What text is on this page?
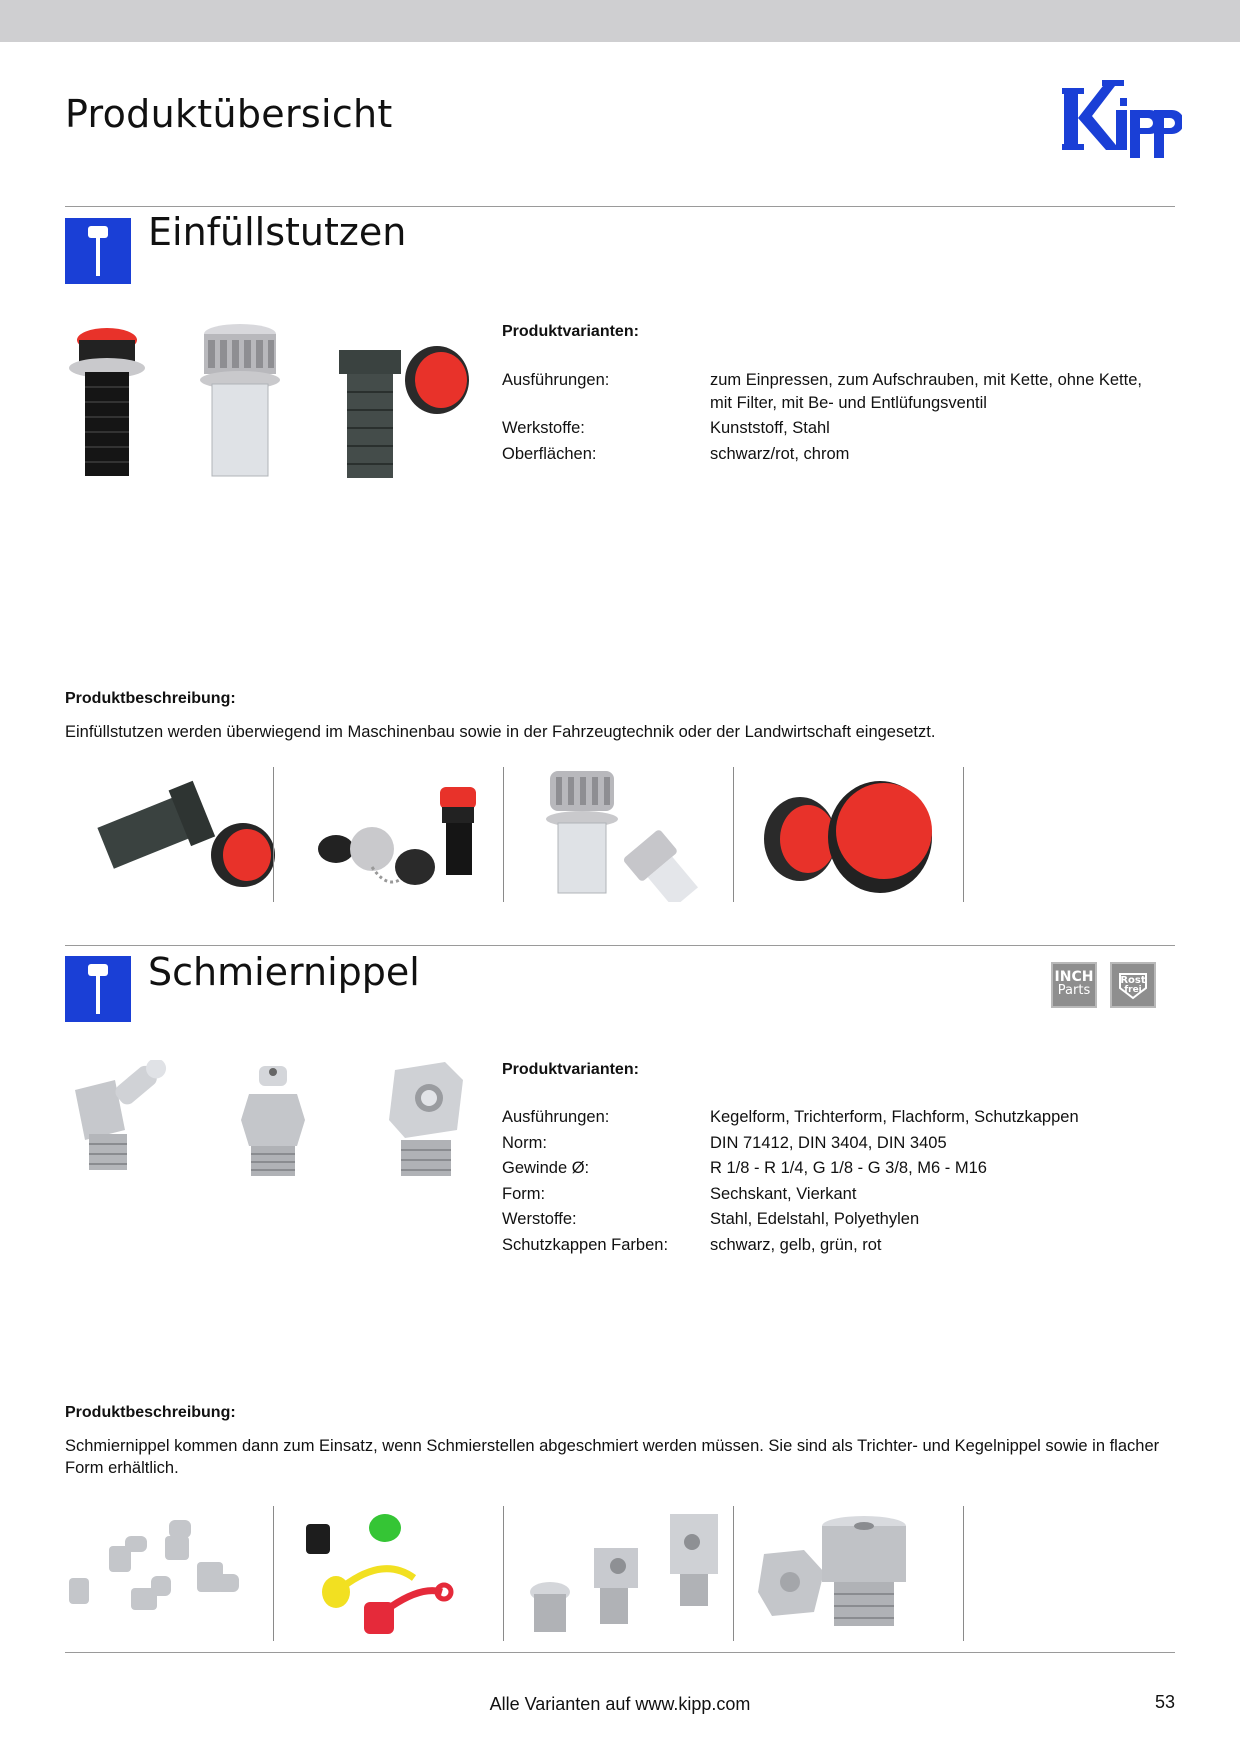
Produktübersicht
Einfüllstutzen
Produktvarianten:
Ausführungen:	zum Einpressen, zum Aufschrauben, mit Kette, ohne Kette, mit Filter, mit Be- und Entlüfungsventil
Werkstoffe:	Kunststoff, Stahl
Oberflächen:	schwarz/rot, chrom
Produktbeschreibung:
Einfüllstutzen werden überwiegend im Maschinenbau sowie in der Fahrzeugtechnik oder der Landwirtschaft eingesetzt.
Schmiernippel	INCH
Parts
Rost
frei
Produktvarianten:
Ausführungen:	Kegelform, Trichterform, Flachform, Schutzkappen
Norm:	DIN 71412, DIN 3404, DIN 3405
Gewinde Ø:	R 1/8 - R 1/4, G 1/8 - G 3/8, M6 - M16
Form:	Sechskant, Vierkant
Werstoffe:	Stahl, Edelstahl, Polyethylen
Schutzkappen Farben:	schwarz, gelb, grün, rot
Produktbeschreibung:
Schmiernippel kommen dann zum Einsatz, wenn Schmierstellen abgeschmiert werden müssen. Sie sind als Trichter- und Kegelnippel sowie in flacher Form erhältlich.
Alle Varianten auf www.kipp.com	53
